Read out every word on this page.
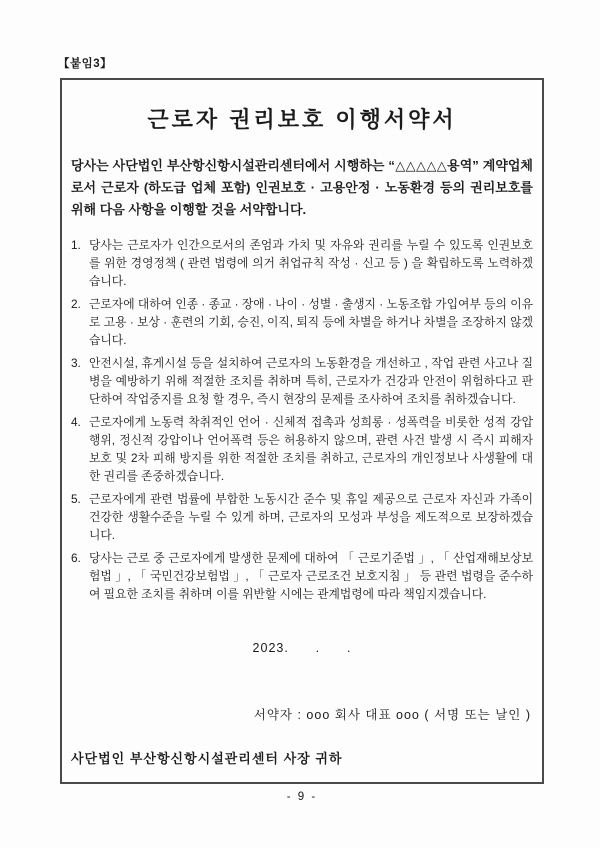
【붙임3】
근로자 권리보호 이행서약서
당사는 사단법인 부산항신항시설관리센터에서 시행하는 “△△△△△용역” 계약업체로서 근로자 (하도급 업체 포함) 인권보호 · 고용안정 · 노동환경 등의 권리보호를 위해 다음 사항을 이행할 것을 서약합니다.
1. 당사는 근로자가 인간으로서의 존엄과 가치 및 자유와 권리를 누릴 수 있도록 인권보호를 위한 경영정책 ( 관련 법령에 의거 취업규칙 작성 · 신고 등 ) 을 확립하도록 노력하겠습니다.
2. 근로자에 대하여 인종 · 종교 · 장애 · 나이 · 성별 · 출생지 · 노동조합 가입여부 등의 이유로 고용 · 보상 · 훈련의 기회, 승진, 이직, 퇴직 등에 차별을 하거나 차별을 조장하지 않겠습니다.
3. 안전시설, 휴게시설 등을 설치하여 근로자의 노동환경을 개선하고 , 작업 관련 사고나 질병을 예방하기 위해 적절한 조치를 취하며 특히, 근로자가 건강과 안전이 위험하다고 판단하여 작업중지를 요청 할 경우, 즉시 현장의 문제를 조사하여 조치를 취하겠습니다.
4. 근로자에게 노동력 착취적인 언어 · 신체적 접촉과 성희롱 · 성폭력을 비롯한 성적 강압행위, 정신적 강압이나 언어폭력 등은 허용하지 않으며, 관련 사건 발생 시 즉시 피해자 보호 및 2차 피해 방지를 위한 적절한 조치를 취하고, 근로자의 개인정보나 사생활에 대한 권리를 존중하겠습니다.
5. 근로자에게 관련 법률에 부합한 노동시간 준수 및 휴일 제공으로 근로자 자신과 가족이 건강한 생활수준을 누릴 수 있게 하며, 근로자의 모성과 부성을 제도적으로 보장하겠습니다.
6. 당사는 근로 중 근로자에게 발생한 문제에 대하여 「 근로기준법 」, 「 산업재해보상보험법 」, 「 국민건강보험법 」, 「 근로자 근로조건 보호지침 」 등 관련 법령을 준수하여 필요한 조치를 취하며 이를 위반할 시에는 관계법령에 따라 책임지겠습니다.
2023.      .      .
서약자 : ooo 회사 대표 ooo ( 서명 또는 날인 )
사단법인 부산항신항시설관리센터 사장 귀하
- 9 -
